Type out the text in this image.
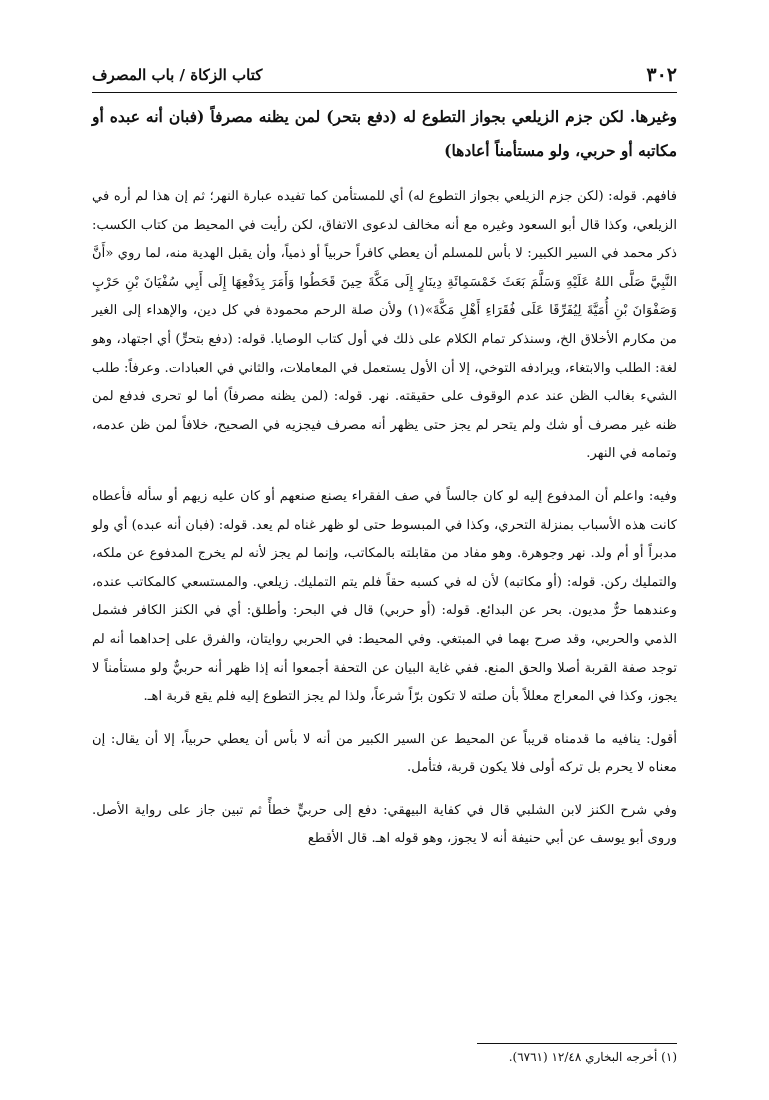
٣٠٢
كتاب الزكاة / باب المصرف

وغيرها. لكن جزم الزيلعي بجواز التطوع له (دفع بتحر) لمن يظنه مصرفاً (فبان أنه عبده أو مكاتبه أو حربي، ولو مستأمناً أعادها)

فافهم. قوله: (لكن جزم الزيلعي بجواز التطوع له) أي للمستأمن كما تفيده عبارة النهر؛ ثم إن هذا لم أره في الزيلعي، وكذا قال أبو السعود وغيره مع أنه مخالف لدعوى الاتفاق، لكن رأيت في المحيط من كتاب الكسب: ذكر محمد في السير الكبير: لا بأس للمسلم أن يعطي كافراً حربياً أو ذمياً، وأن يقبل الهدية منه، لما روي «أَنَّ النَّبِيَّ صَلَّى اللهُ عَلَيْهِ وَسَلَّمَ بَعَثَ خَمْسَمِائَةِ دِينَارٍ إِلَى مَكَّةَ حِينَ قَحَطُوا وَأَمَرَ بِدَفْعِهَا إِلَى أَبِي سُفْيَانَ بْنِ حَرْبٍ وَصَفْوَانَ بْنِ أُمَيَّةَ لِيُفَرِّقَا عَلَى فُقَرَاءِ أَهْلِ مَكَّةَ»(١) ولأن صلة الرحم محمودة في كل دين، والإهداء إلى الغير من مكارم الأخلاق الخ، وسنذكر تمام الكلام على ذلك في أول كتاب الوصايا. قوله: (دفع بتحرٍّ) أي اجتهاد، وهو لغة: الطلب والابتغاء، ويرادفه التوخي، إلا أن الأول يستعمل في المعاملات، والثاني في العبادات. وعرفاً: طلب الشيء بغالب الظن عند عدم الوقوف على حقيقته. نهر. قوله: (لمن يظنه مصرفاً) أما لو تحرى فدفع لمن ظنه غير مصرف أو شك ولم يتحر لم يجز حتى يظهر أنه مصرف فيجزيه في الصحيح، خلافاً لمن ظن عدمه، وتمامه في النهر.

وفيه: واعلم أن المدفوع إليه لو كان جالساً في صف الفقراء يصنع صنعهم أو كان عليه زيهم أو سأله فأعطاه كانت هذه الأسباب بمنزلة التحري، وكذا في المبسوط حتى لو ظهر غناه لم يعد. قوله: (فبان أنه عبده) أي ولو مدبراً أو أم ولد. نهر وجوهرة. وهو مفاد من مقابلته بالمكاتب، وإنما لم يجز لأنه لم يخرج المدفوع عن ملكه، والتمليك ركن. قوله: (أو مكاتبه) لأن له في كسبه حقاً فلم يتم التمليك. زيلعي. والمستسعي كالمكاتب عنده، وعندهما حرٌّ مديون. بحر عن البدائع. قوله: (أو حربي) قال في البحر: وأطلق: أي في الكنز الكافر فشمل الذمي والحربي، وقد صرح بهما في المبتغي. وفي المحيط: في الحربي روايتان، والفرق على إحداهما أنه لم توجد صفة القربة أصلا والحق المنع. ففي غاية البيان عن التحفة أجمعوا أنه إذا ظهر أنه حربيٌّ ولو مستأمناً لا يجوز، وكذا في المعراج معللاً بأن صلته لا تكون برّاً شرعاً، ولذا لم يجز التطوع إليه فلم يقع قربة اهـ.

أقول: ينافيه ما قدمناه قريباً عن المحيط عن السير الكبير من أنه لا بأس أن يعطي حربياً، إلا أن يقال: إن معناه لا يحرم بل تركه أولى فلا يكون قربة، فتأمل.

وفي شرح الكنز لابن الشلبي قال في كفاية البيهقي: دفع إلى حربيٍّ خطأً ثم تبين جاز على رواية الأصل. وروى أبو يوسف عن أبي حنيفة أنه لا يجوز، وهو قوله اهـ. قال الأقطع

(١) أخرجه البخاري ١٢/٤٨ (٦٧٦١).
